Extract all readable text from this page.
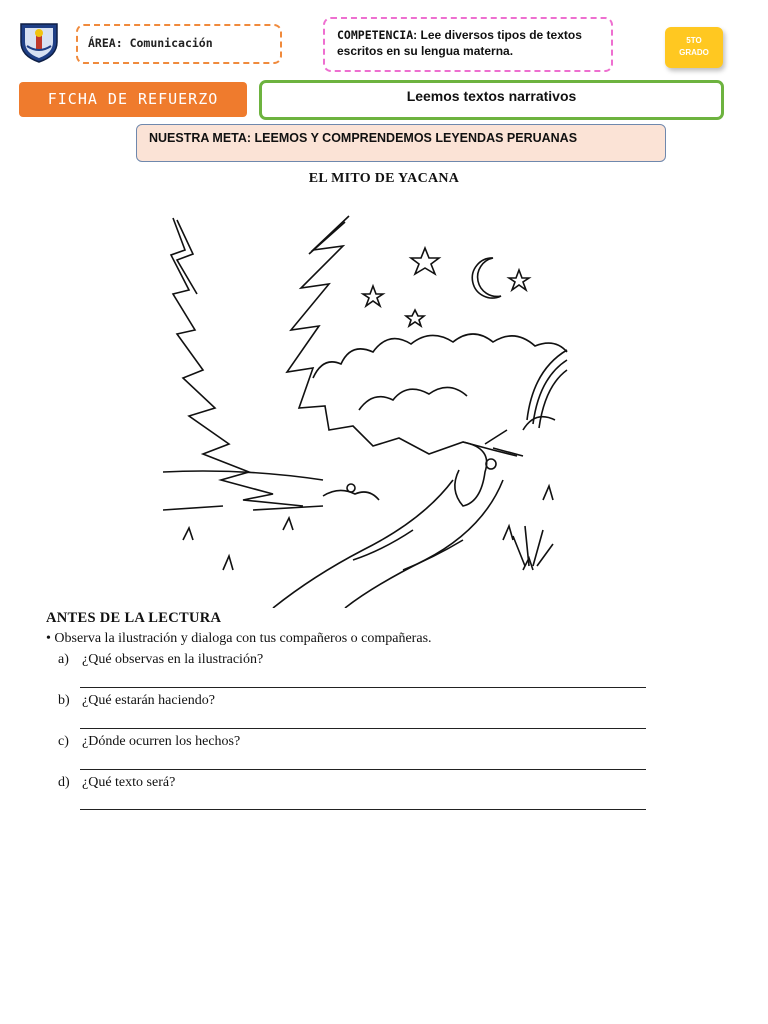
ÁREA: Comunicación
COMPETENCIA: Lee diversos tipos de textos escritos en su lengua materna.
5TO
GRADO
FICHA DE REFUERZO	Leemos textos narrativos
NUESTRA META: LEEMOS Y COMPRENDEMOS LEYENDAS PERUANAS
EL MITO DE YACANA
ANTES DE LA LECTURA
• Observa la ilustración y dialoga con tus compañeros o compañeras.
a) ¿Qué observas en la ilustración?
b) ¿Qué estarán haciendo?
c) ¿Dónde ocurren los hechos?
d) ¿Qué texto será?
